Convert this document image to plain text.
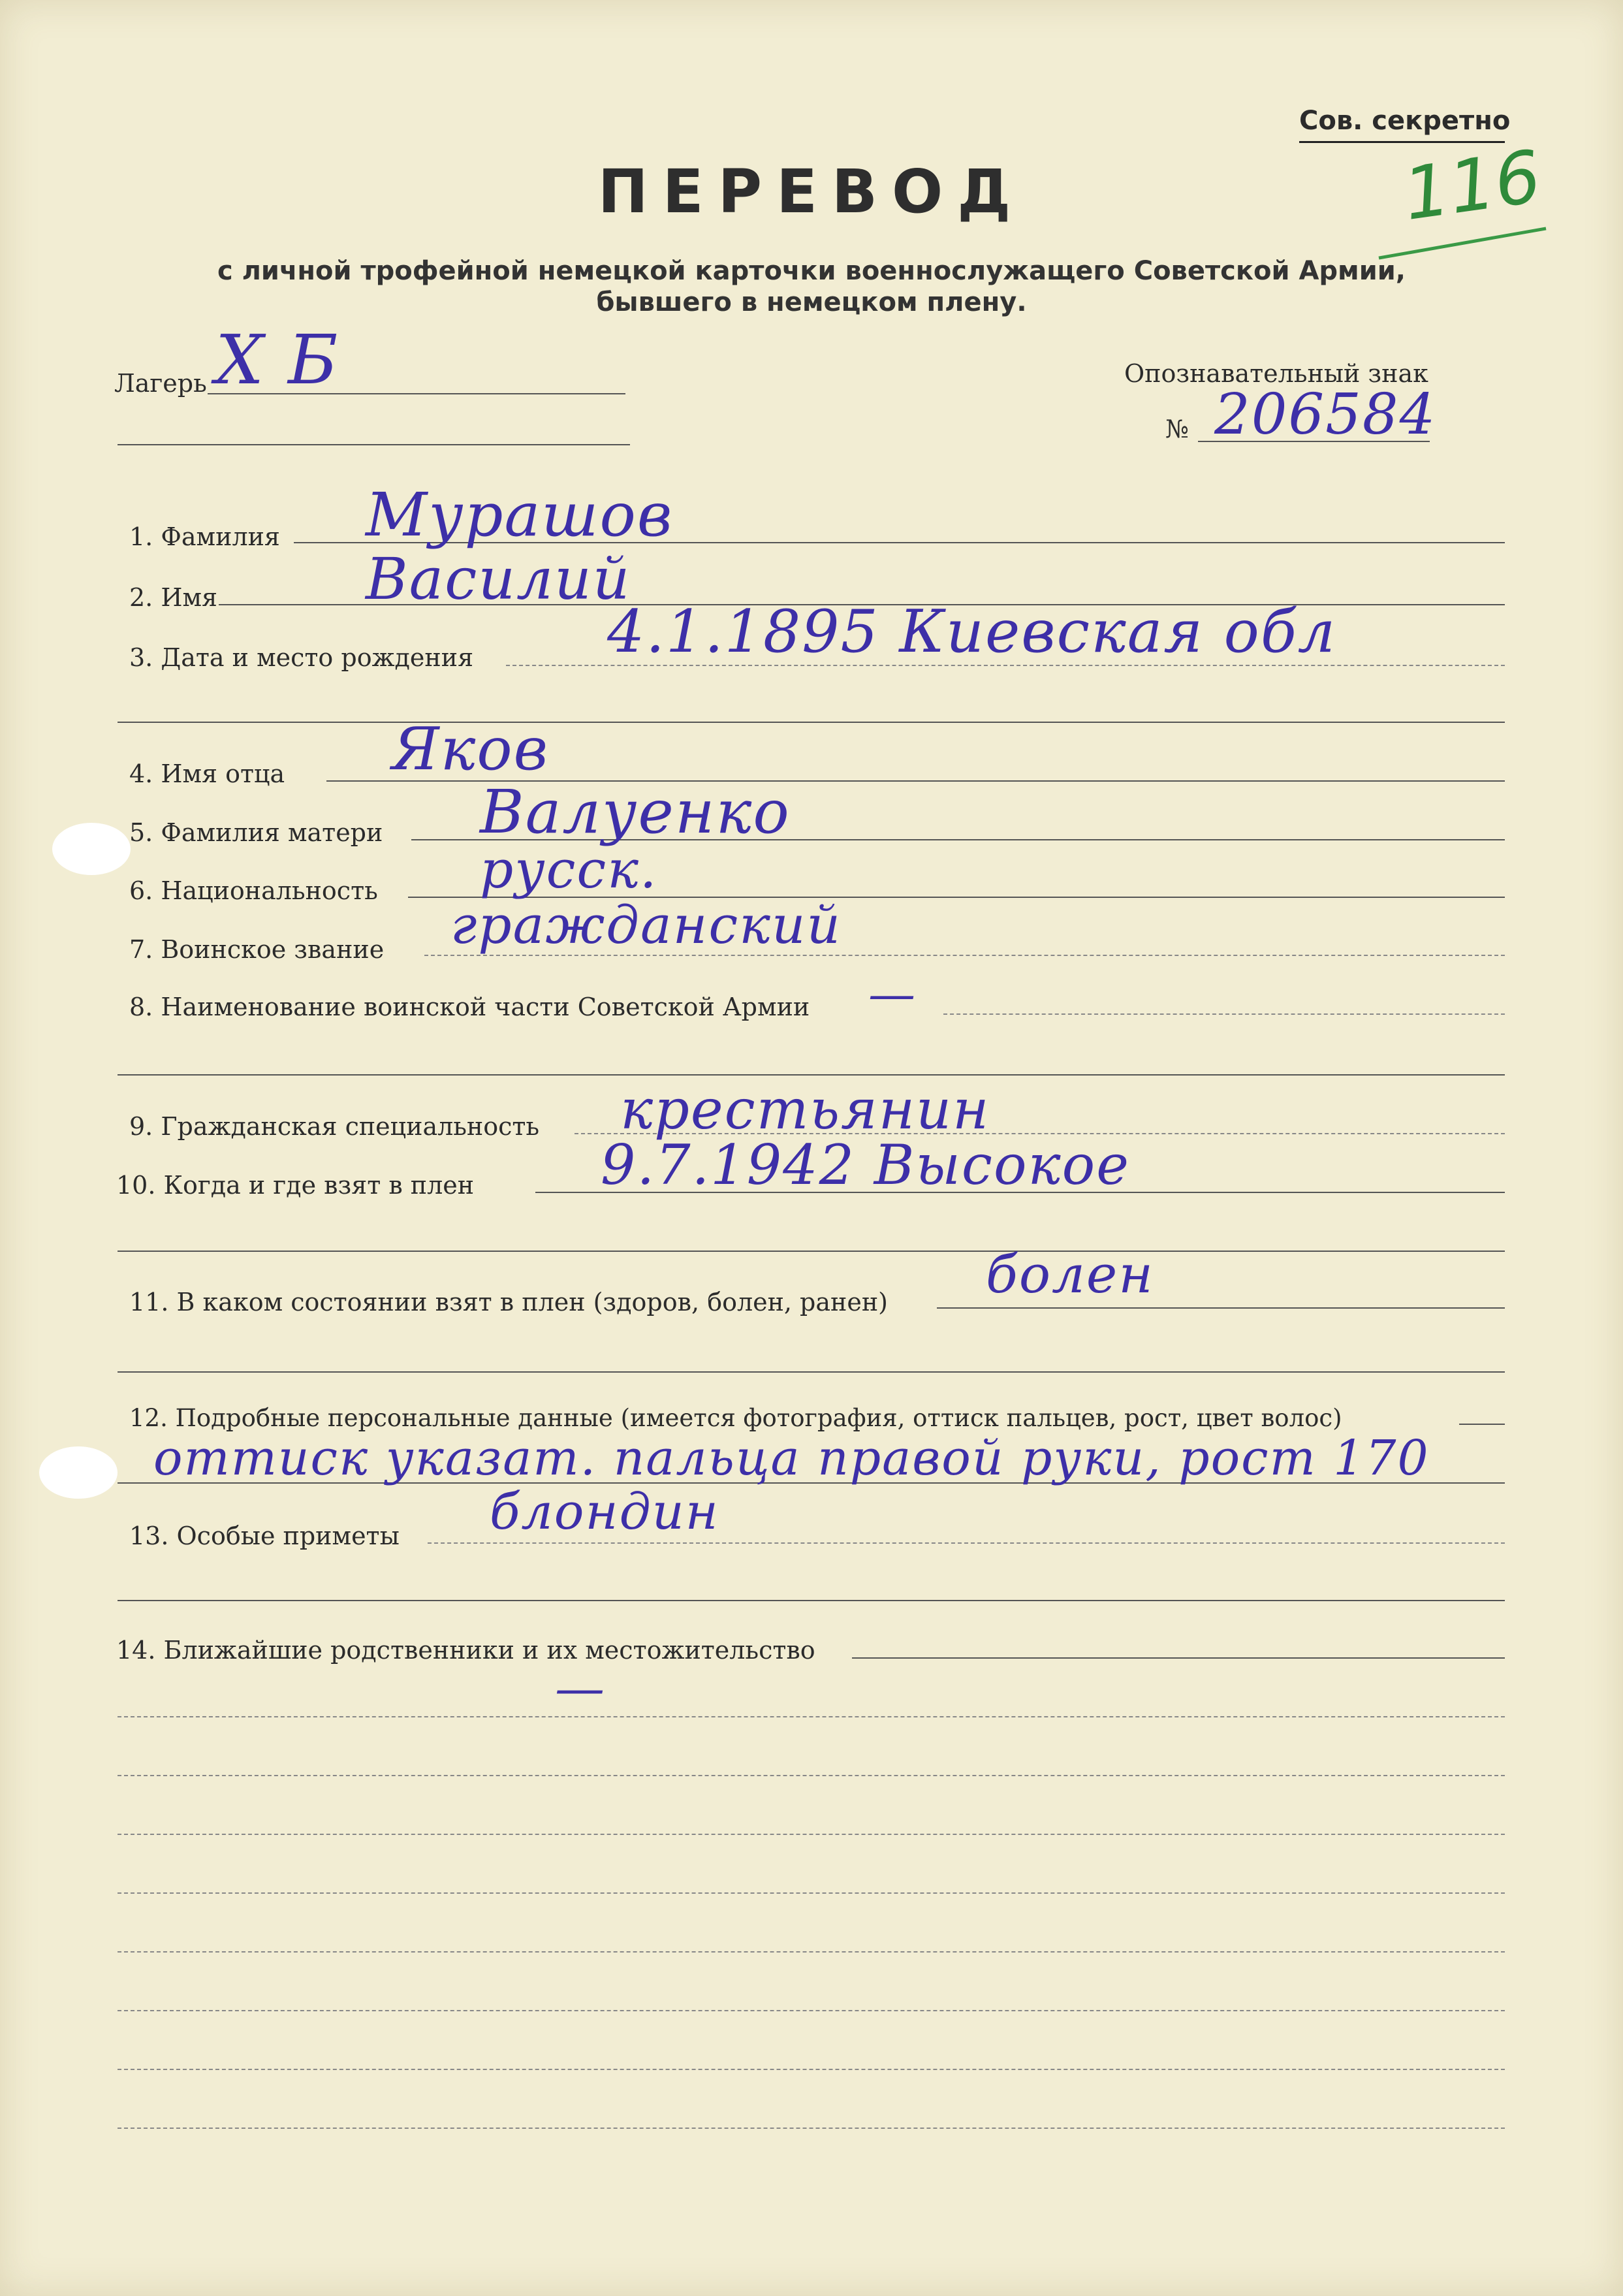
Сов. секретно
116
ПЕРЕВОД
с личной трофейной немецкой карточки военнослужащего Советской Армии,
бывшего в немецком плену.
Лагерь X Б	Опознавательный знак
№ 206584
1. Фамилия Мурашов
2. Имя	Василий
3. Дата и место рождения 4.1.1895 Киевская обл
4. Имя отца Яков
5. Фамилия матери Валуенко
6. Национальность русск.
7. Воинское звание гражданский
8. Наименование воинской части Советской Армии —
9. Гражданская специальность крестьянин
10. Когда и где взят в плен 9.7.1942 Высокое
11. В каком состоянии взят в плен (здоров, болен, ранен) болен
12. Подробные персональные данные (имеется фотография, оттиск пальцев, рост, цвет волос)
оттиск указат. пальца правой руки, рост 170
13. Особые приметы блондин
14. Ближайшие родственники и их местожительство
—
